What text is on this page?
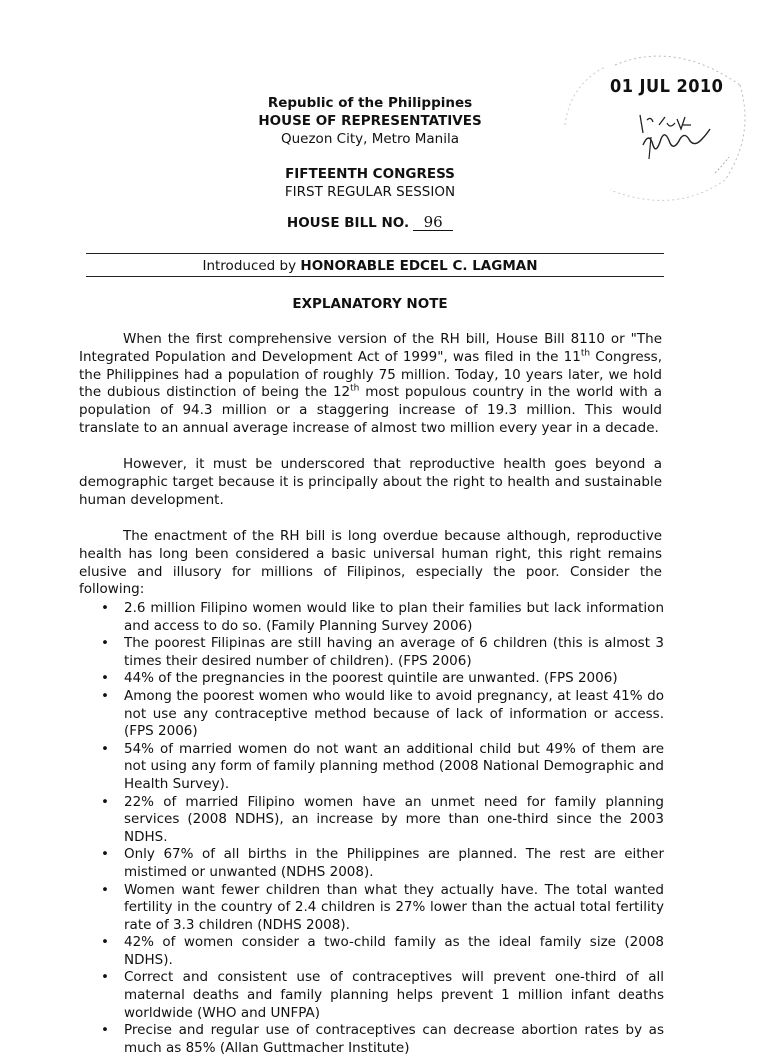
01 JUL 2010
Republic of the Philippines
HOUSE OF REPRESENTATIVES
Quezon City, Metro Manila
FIFTEENTH CONGRESS
FIRST REGULAR SESSION
HOUSE BILL NO. 96
Introduced by HONORABLE EDCEL C. LAGMAN
EXPLANATORY NOTE

When the first comprehensive version of the RH bill, House Bill 8110 or "The Integrated Population and Development Act of 1999", was filed in the 11th Congress, the Philippines had a population of roughly 75 million. Today, 10 years later, we hold the dubious distinction of being the 12th most populous country in the world with a population of 94.3 million or a staggering increase of 19.3 million. This would translate to an annual average increase of almost two million every year in a decade.

However, it must be underscored that reproductive health goes beyond a demographic target because it is principally about the right to health and sustainable human development.

The enactment of the RH bill is long overdue because although, reproductive health has long been considered a basic universal human right, this right remains elusive and illusory for millions of Filipinos, especially the poor. Consider the following:

• 2.6 million Filipino women would like to plan their families but lack information and access to do so. (Family Planning Survey 2006)
• The poorest Filipinas are still having an average of 6 children (this is almost 3 times their desired number of children). (FPS 2006)
• 44% of the pregnancies in the poorest quintile are unwanted. (FPS 2006)
• Among the poorest women who would like to avoid pregnancy, at least 41% do not use any contraceptive method because of lack of information or access. (FPS 2006)
• 54% of married women do not want an additional child but 49% of them are not using any form of family planning method (2008 National Demographic and Health Survey).
• 22% of married Filipino women have an unmet need for family planning services (2008 NDHS), an increase by more than one-third since the 2003 NDHS.
• Only 67% of all births in the Philippines are planned. The rest are either mistimed or unwanted (NDHS 2008).
• Women want fewer children than what they actually have. The total wanted fertility in the country of 2.4 children is 27% lower than the actual total fertility rate of 3.3 children (NDHS 2008).
• 42% of women consider a two-child family as the ideal family size (2008 NDHS).
• Correct and consistent use of contraceptives will prevent one-third of all maternal deaths and family planning helps prevent 1 million infant deaths worldwide (WHO and UNFPA)
• Precise and regular use of contraceptives can decrease abortion rates by as much as 85% (Allan Guttmacher Institute)
